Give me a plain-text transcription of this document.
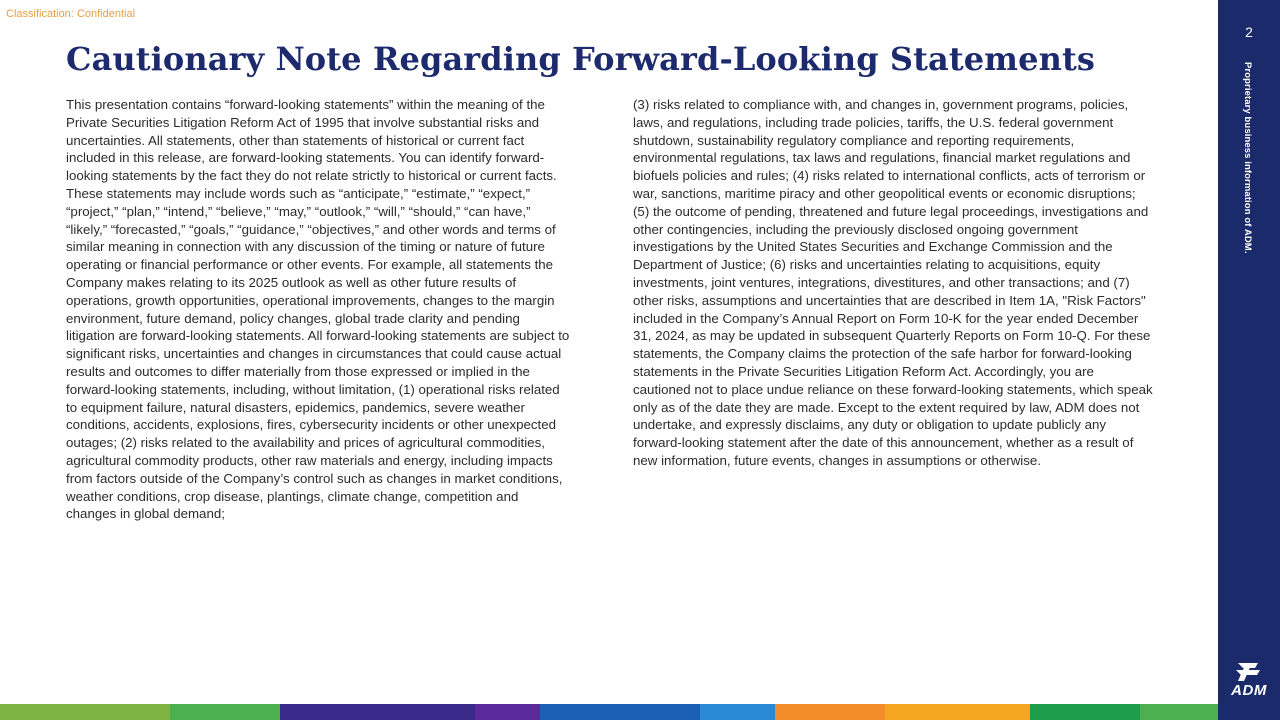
Classification: Confidential
Cautionary Note Regarding Forward-Looking Statements

This presentation contains “forward-looking statements” within the meaning of the Private Securities Litigation Reform Act of 1995 that involve substantial risks and uncertainties. All statements, other than statements of historical or current fact included in this release, are forward-looking statements. You can identify forward-looking statements by the fact they do not relate strictly to historical or current facts. These statements may include words such as “anticipate,” “estimate,” “expect,” “project,” “plan,” “intend,” “believe,” “may,” “outlook,” “will,” “should,” “can have,” “likely,” “forecasted,” “goals,” “guidance,” “objectives,” and other words and terms of similar meaning in connection with any discussion of the timing or nature of future operating or financial performance or other events. For example, all statements the Company makes relating to its 2025 outlook as well as other future results of operations, growth opportunities, operational improvements, changes to the margin environment, future demand, policy changes, global trade clarity and pending litigation are forward-looking statements. All forward-looking statements are subject to significant risks, uncertainties and changes in circumstances that could cause actual results and outcomes to differ materially from those expressed or implied in the forward-looking statements, including, without limitation, (1) operational risks related to equipment failure, natural disasters, epidemics, pandemics, severe weather conditions, accidents, explosions, fires, cybersecurity incidents or other unexpected outages; (2) risks related to the availability and prices of agricultural commodities, agricultural commodity products, other raw materials and energy, including impacts from factors outside of the Company’s control such as changes in market conditions, weather conditions, crop disease, plantings, climate change, competition and changes in global demand;

(3) risks related to compliance with, and changes in, government programs, policies, laws, and regulations, including trade policies, tariffs, the U.S. federal government shutdown, sustainability regulatory compliance and reporting requirements, environmental regulations, tax laws and regulations, financial market regulations and biofuels policies and rules; (4) risks related to international conflicts, acts of terrorism or war, sanctions, maritime piracy and other geopolitical events or economic disruptions; (5) the outcome of pending, threatened and future legal proceedings, investigations and other contingencies, including the previously disclosed ongoing government investigations by the United States Securities and Exchange Commission and the Department of Justice; (6) risks and uncertainties relating to acquisitions, equity investments, joint ventures, integrations, divestitures, and other transactions; and (7) other risks, assumptions and uncertainties that are described in Item 1A, "Risk Factors" included in the Company’s Annual Report on Form 10-K for the year ended December 31, 2024, as may be updated in subsequent Quarterly Reports on Form 10-Q. For these statements, the Company claims the protection of the safe harbor for forward-looking statements in the Private Securities Litigation Reform Act. Accordingly, you are cautioned not to place undue reliance on these forward-looking statements, which speak only as of the date they are made. Except to the extent required by law, ADM does not undertake, and expressly disclaims, any duty or obligation to update publicly any forward-looking statement after the date of this announcement, whether as a result of new information, future events, changes in assumptions or otherwise.

2
Proprietary business information of ADM.
ADM
